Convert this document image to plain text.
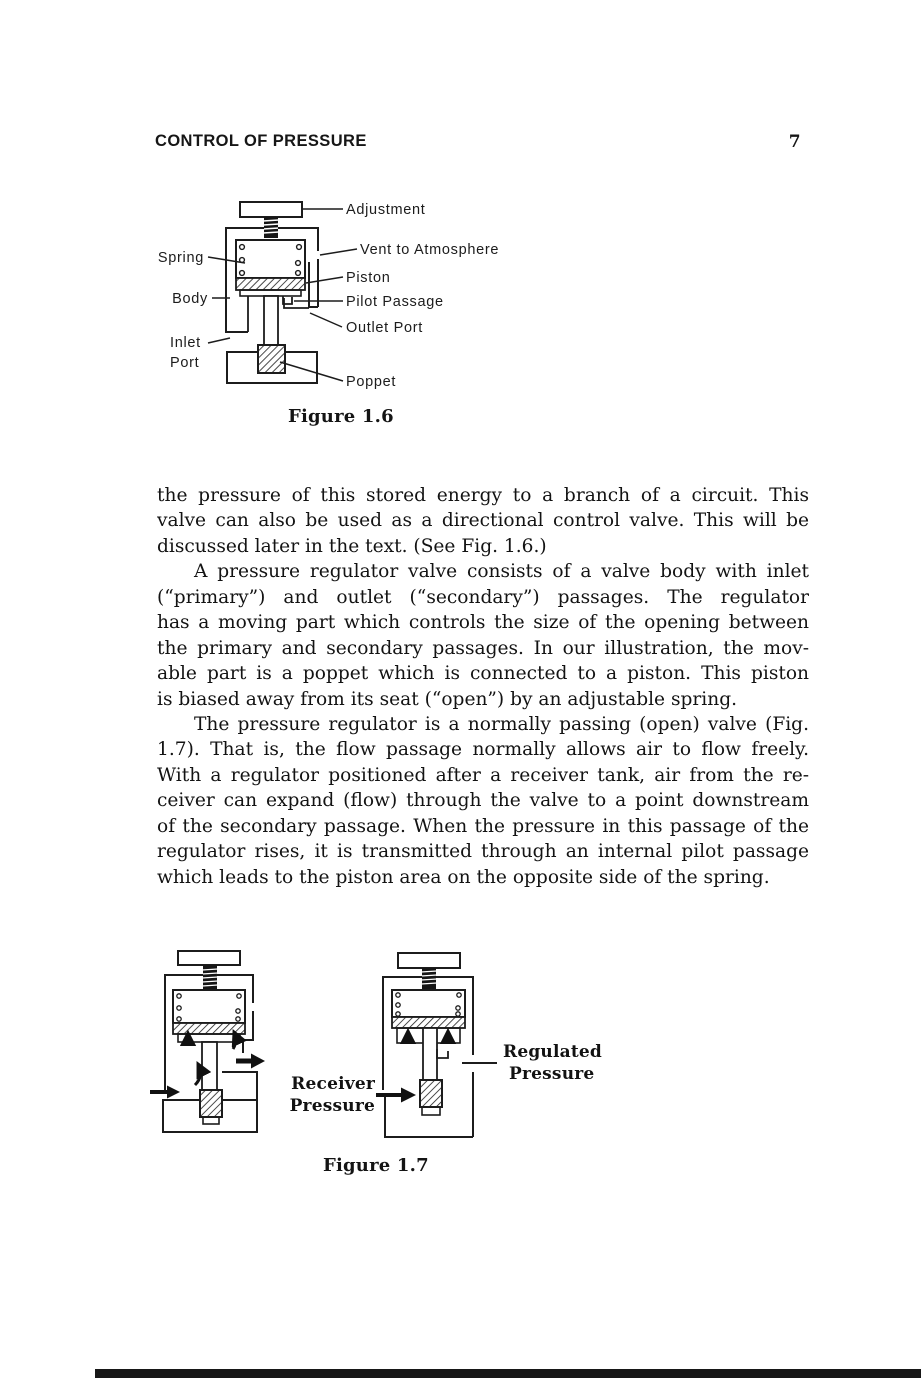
CONTROL OF PRESSURE	7
Adjustment
Spring	Vent to Atmosphere
Piston
Pilot Passage
Outlet Port
Body
Inlet
Port
Poppet
Figure 1.6
the pressure of this stored energy to a branch of a circuit. This
valve can also be used as a directional control valve. This will be
discussed later in the text. (See Fig. 1.6.)
A pressure regulator valve consists of a valve body with inlet
(“primary”) and outlet (“secondary”) passages. The regulator
has a moving part which controls the size of the opening between
the primary and secondary passages. In our illustration, the mov-
able part is a poppet which is connected to a piston. This piston
is biased away from its seat (“open”) by an adjustable spring.
The pressure regulator is a normally passing (open) valve (Fig.
1.7). That is, the flow passage normally allows air to flow freely.
With a regulator positioned after a receiver tank, air from the re-
ceiver can expand (flow) through the valve to a point downstream
of the secondary passage. When the pressure in this passage of the
regulator rises, it is transmitted through an internal pilot passage
which leads to the piston area on the opposite side of the spring.
Receiver
Pressure
Regulated
Pressure
Figure 1.7
